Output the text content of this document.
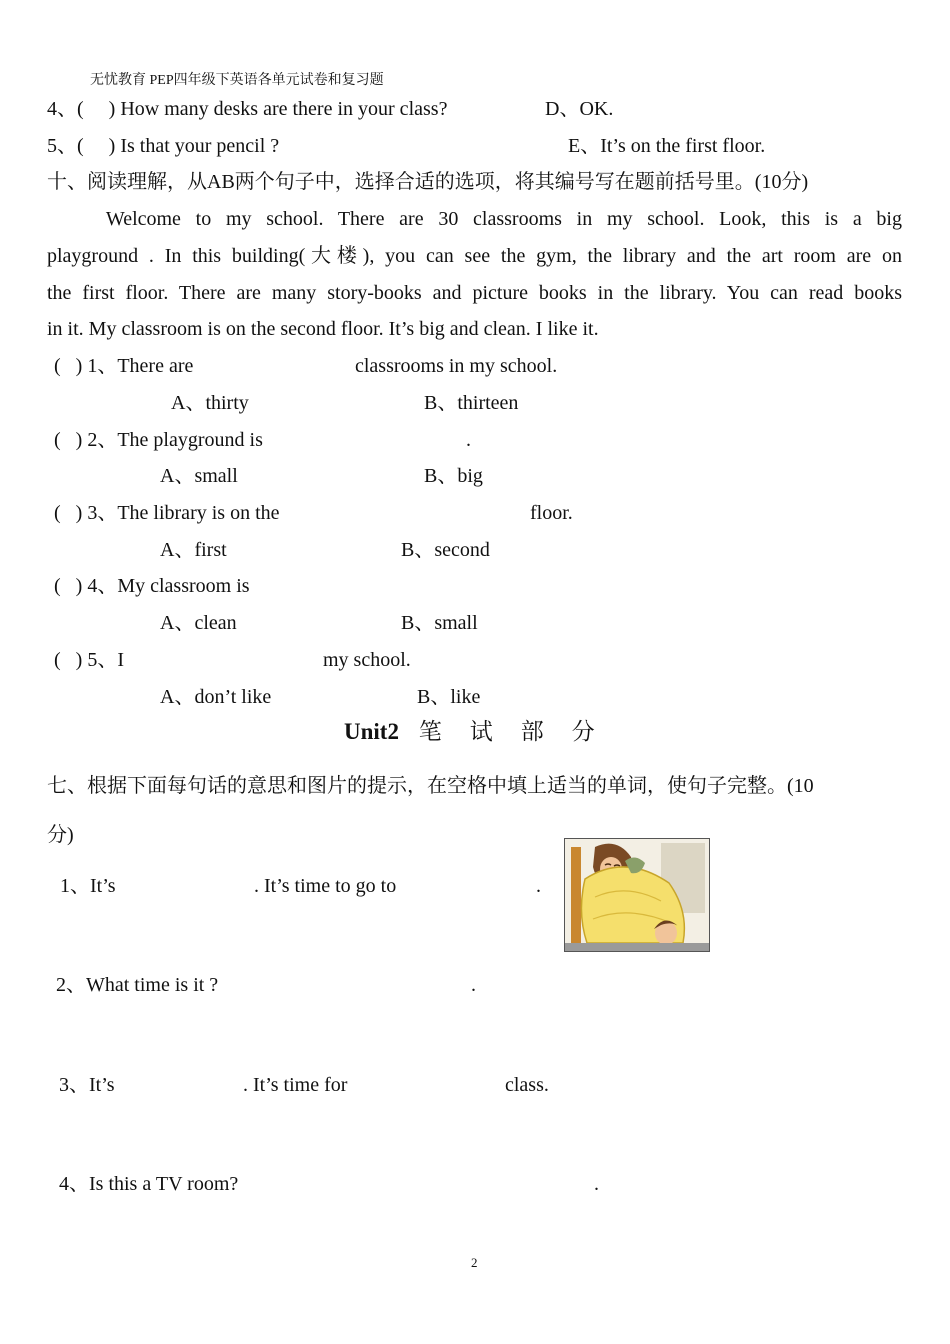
无忧教育 PEP四年级下英语各单元试卷和复习题
4、(     ) How many desks are there in your class?	D、OK.
5、(     ) Is that your pencil ?	E、It’s on the first floor.
十、阅读理解，从AB两个句子中，选择合适的选项，将其编号写在题前括号里。(10分)
Welcome to my school. There are 30 classrooms in my school. Look, this is a big
playground . In this building(大楼), you can see the gym, the library and the art room are on
the first floor. There are many story-books and picture books in the library. You can read books
in it. My classroom is on the second floor. It’s big and clean. I like it.
(   ) 1、There are	classrooms in my school.
A、thirty	B、thirteen
(   ) 2、The playground is	.
A、small	B、big
(   ) 3、The library is on the	floor.
A、first	B、second
(   ) 4、My classroom is
A、clean	B、small
(   ) 5、I	my school.
A、don’t like	B、like
Unit2 笔试部分
七、根据下面每句话的意思和图片的提示，在空格中填上适当的单词，使句子完整。(10
分)
1、It’s	. It’s time to go to	.
2、What time is it ?	.
3、It’s	. It’s time for	class.
4、Is this a TV room?	.
2
